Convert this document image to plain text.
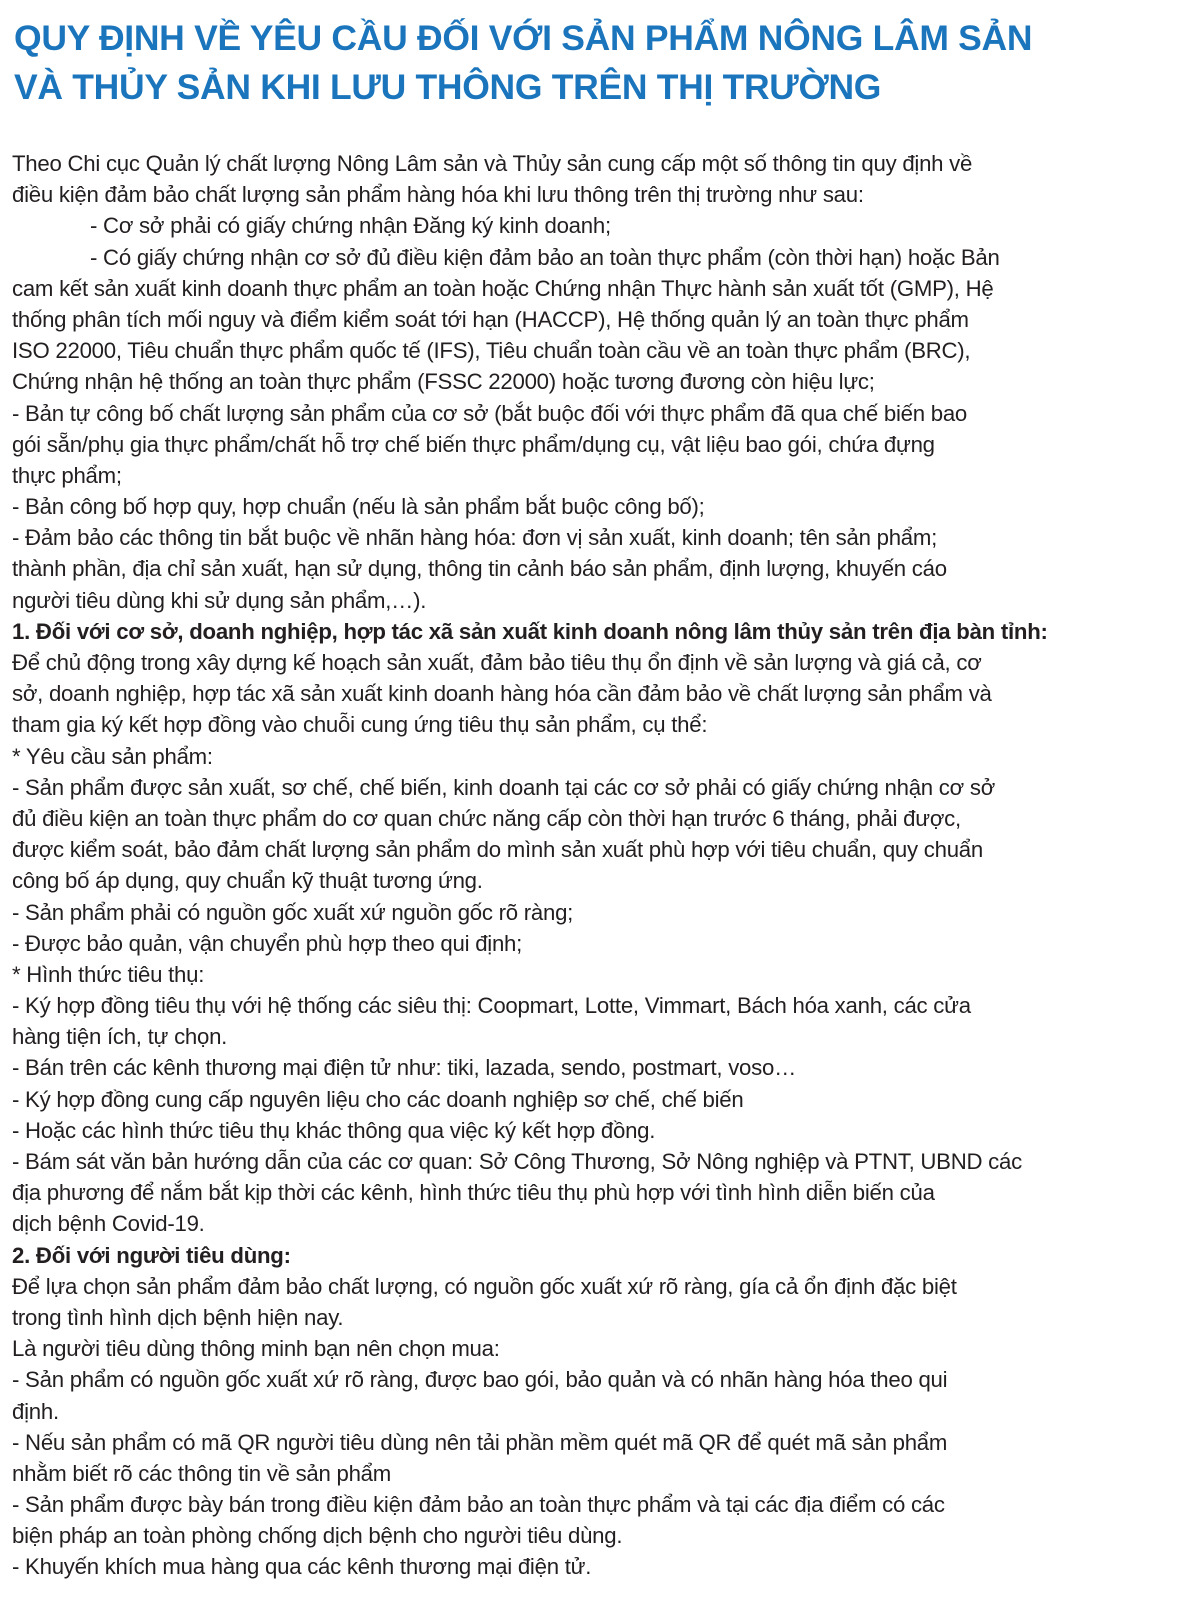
QUY ĐỊNH VỀ YÊU CẦU ĐỐI VỚI SẢN PHẨM NÔNG LÂM SẢN
VÀ THỦY SẢN KHI LƯU THÔNG TRÊN THỊ TRƯỜNG
Theo Chi cục Quản lý chất lượng Nông Lâm sản và Thủy sản cung cấp một số thông tin quy định về
điều kiện đảm bảo chất lượng sản phẩm hàng hóa khi lưu thông trên thị trường như sau:
- Cơ sở phải có giấy chứng nhận Đăng ký kinh doanh;
- Có giấy chứng nhận cơ sở đủ điều kiện đảm bảo an toàn thực phẩm (còn thời hạn) hoặc Bản
cam kết sản xuất kinh doanh thực phẩm an toàn hoặc Chứng nhận Thực hành sản xuất tốt (GMP), Hệ
thống phân tích mối nguy và điểm kiểm soát tới hạn (HACCP), Hệ thống quản lý an toàn thực phẩm
ISO 22000, Tiêu chuẩn thực phẩm quốc tế (IFS), Tiêu chuẩn toàn cầu về an toàn thực phẩm (BRC),
Chứng nhận hệ thống an toàn thực phẩm (FSSC 22000) hoặc tương đương còn hiệu lực;
- Bản tự công bố chất lượng sản phẩm của cơ sở (bắt buộc đối với thực phẩm đã qua chế biến bao
gói sẵn/phụ gia thực phẩm/chất hỗ trợ chế biến thực phẩm/dụng cụ, vật liệu bao gói, chứa đựng
thực phẩm;
- Bản công bố hợp quy, hợp chuẩn (nếu là sản phẩm bắt buộc công bố);
- Đảm bảo các thông tin bắt buộc về nhãn hàng hóa: đơn vị sản xuất, kinh doanh; tên sản phẩm;
thành phần, địa chỉ sản xuất, hạn sử dụng, thông tin cảnh báo sản phẩm, định lượng, khuyến cáo
người tiêu dùng khi sử dụng sản phẩm,…).
1. Đối với cơ sở, doanh nghiệp, hợp tác xã sản xuất kinh doanh nông lâm thủy sản trên địa bàn tỉnh:
Để chủ động trong xây dựng kế hoạch sản xuất, đảm bảo tiêu thụ ổn định về sản lượng và giá cả, cơ
sở, doanh nghiệp, hợp tác xã sản xuất kinh doanh hàng hóa cần đảm bảo về chất lượng sản phẩm và
tham gia ký kết hợp đồng vào chuỗi cung ứng tiêu thụ sản phẩm, cụ thể:
* Yêu cầu sản phẩm:
- Sản phẩm được sản xuất, sơ chế, chế biến, kinh doanh tại các cơ sở phải có giấy chứng nhận cơ sở
đủ điều kiện an toàn thực phẩm do cơ quan chức năng cấp còn thời hạn trước 6 tháng, phải được,
được kiểm soát, bảo đảm chất lượng sản phẩm do mình sản xuất phù hợp với tiêu chuẩn, quy chuẩn
công bố áp dụng, quy chuẩn kỹ thuật tương ứng.
- Sản phẩm phải có nguồn gốc xuất xứ nguồn gốc rõ ràng;
- Được bảo quản, vận chuyển phù hợp theo qui định;
* Hình thức tiêu thụ:
- Ký hợp đồng tiêu thụ với hệ thống các siêu thị: Coopmart, Lotte, Vimmart, Bách hóa xanh, các cửa
hàng tiện ích, tự chọn.
- Bán trên các kênh thương mại điện tử như: tiki, lazada, sendo, postmart, voso…
- Ký hợp đồng cung cấp nguyên liệu cho các doanh nghiệp sơ chế, chế biến
- Hoặc các hình thức tiêu thụ khác thông qua việc ký kết hợp đồng.
- Bám sát văn bản hướng dẫn của các cơ quan: Sở Công Thương, Sở Nông nghiệp và PTNT, UBND các
địa phương để nắm bắt kịp thời các kênh, hình thức tiêu thụ phù hợp với tình hình diễn biến của
dịch bệnh Covid-19.
2. Đối với người tiêu dùng:
Để lựa chọn sản phẩm đảm bảo chất lượng, có nguồn gốc xuất xứ rõ ràng, gía cả ổn định đặc biệt
trong tình hình dịch bệnh hiện nay.
Là người tiêu dùng thông minh bạn nên chọn mua:
- Sản phẩm có nguồn gốc xuất xứ rõ ràng, được bao gói, bảo quản và có nhãn hàng hóa theo qui
định.
- Nếu sản phẩm có mã QR người tiêu dùng nên tải phần mềm quét mã QR để quét mã sản phẩm
nhằm biết rõ các thông tin về sản phẩm
- Sản phẩm được bày bán trong điều kiện đảm bảo an toàn thực phẩm và tại các địa điểm có các
biện pháp an toàn phòng chống dịch bệnh cho người tiêu dùng.
- Khuyến khích mua hàng qua các kênh thương mại điện tử.
